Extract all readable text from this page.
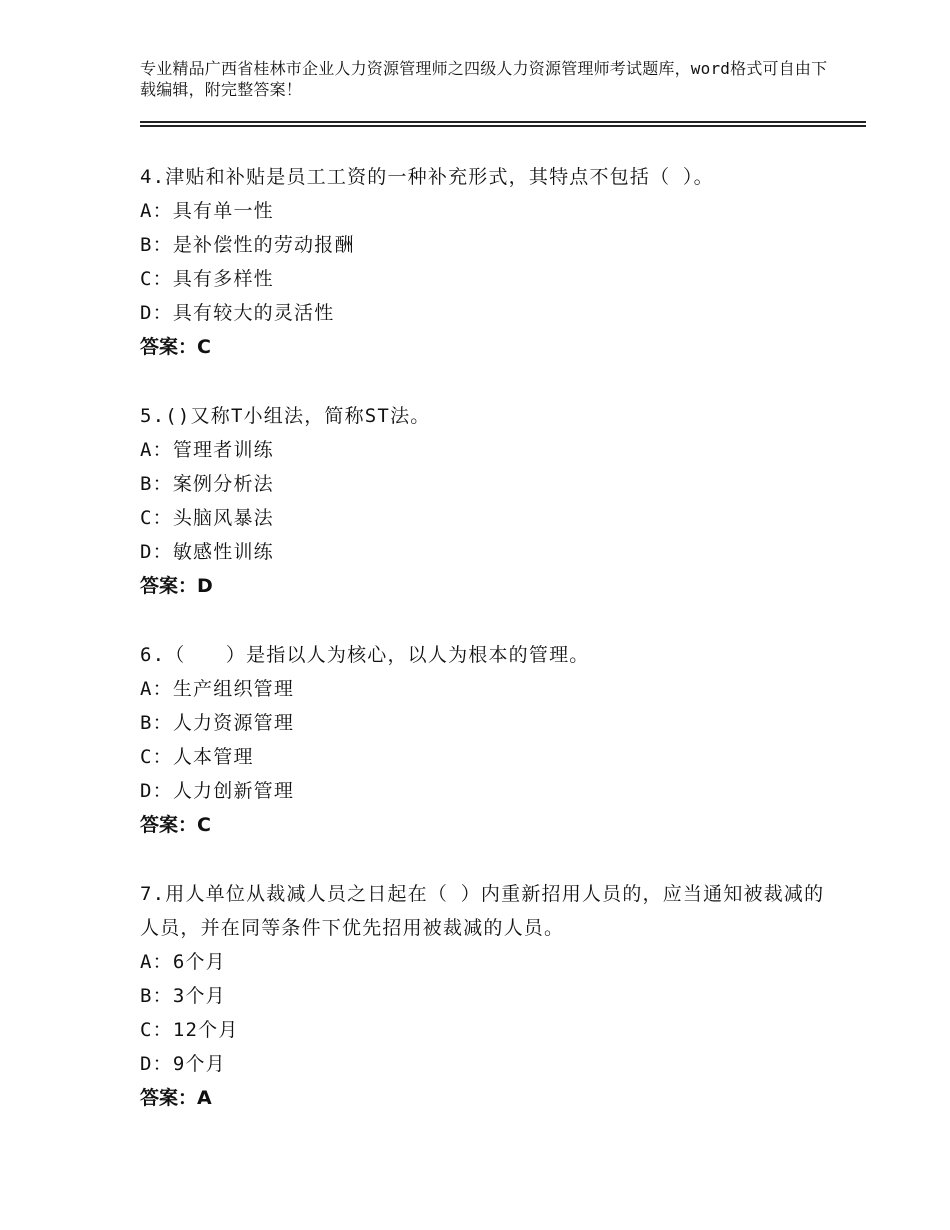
专业精品广西省桂林市企业人力资源管理师之四级人力资源管理师考试题库，word格式可自由下载编辑，附完整答案！
4.津贴和补贴是员工工资的一种补充形式，其特点不包括（ ）。
A：具有单一性
B：是补偿性的劳动报酬
C：具有多样性
D：具有较大的灵活性
答案：C
5.()又称T小组法，简称ST法。
A：管理者训练
B：案例分析法
C：头脑风暴法
D：敏感性训练
答案：D
6.（　　）是指以人为核心，以人为根本的管理。
A：生产组织管理
B：人力资源管理
C：人本管理
D：人力创新管理
答案：C
7.用人单位从裁减人员之日起在（ ）内重新招用人员的，应当通知被裁减的人员，并在同等条件下优先招用被裁减的人员。
A：6个月
B：3个月
C：12个月
D：9个月
答案：A
